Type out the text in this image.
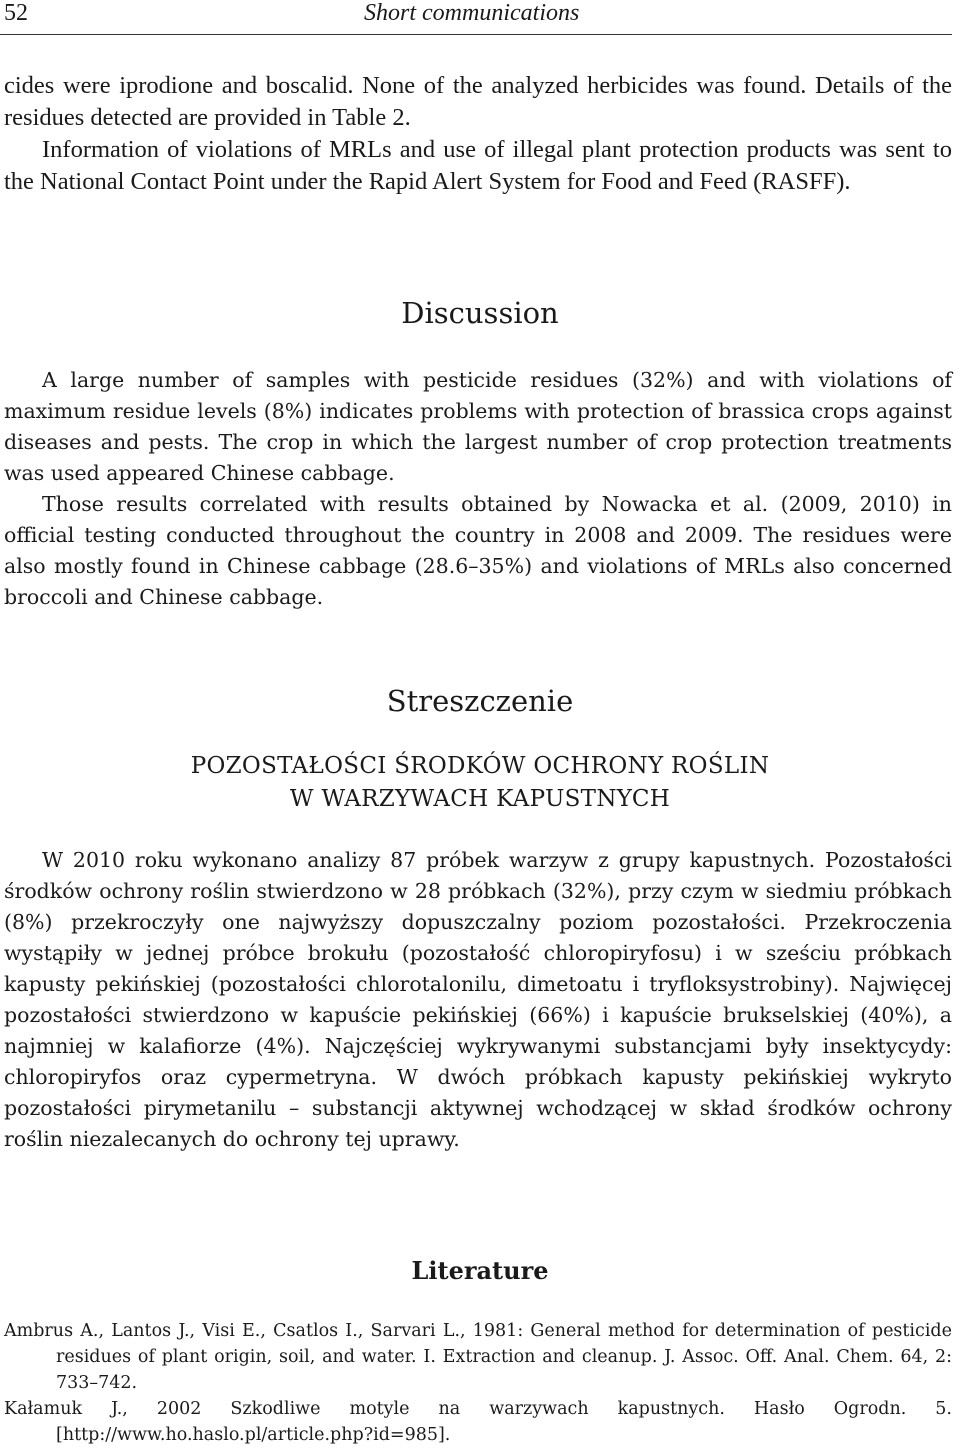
52	Short communications

cides were iprodione and boscalid. None of the analyzed herbicides was found. Details of the residues detected are provided in Table 2.

Information of violations of MRLs and use of illegal plant protection products was sent to the National Contact Point under the Rapid Alert System for Food and Feed (RASFF).

Discussion

A large number of samples with pesticide residues (32%) and with violations of maximum residue levels (8%) indicates problems with protection of brassica crops against diseases and pests. The crop in which the largest number of crop protection treatments was used appeared Chinese cabbage.

Those results correlated with results obtained by Nowacka et al. (2009, 2010) in official testing conducted throughout the country in 2008 and 2009. The residues were also mostly found in Chinese cabbage (28.6–35%) and violations of MRLs also concerned broccoli and Chinese cabbage.

Streszczenie
POZOSTAŁOŚCI ŚRODKÓW OCHRONY ROŚLIN
W WARZYWACH KAPUSTNYCH

W 2010 roku wykonano analizy 87 próbek warzyw z grupy kapustnych. Pozostałości środków ochrony roślin stwierdzono w 28 próbkach (32%), przy czym w siedmiu próbkach (8%) przekroczyły one najwyższy dopuszczalny poziom pozostałości. Przekroczenia wystąpiły w jednej próbce brokułu (pozostałość chloropiryfosu) i w sześciu próbkach kapusty pekińskiej (pozostałości chlorotalonilu, dimetoatu i tryfloksystrobiny). Najwięcej pozostałości stwierdzono w kapuście pekińskiej (66%) i kapuście brukselskiej (40%), a najmniej w kalafiorze (4%). Najczęściej wykrywanymi substancjami były insektycydy: chloropiryfos oraz cypermetryna. W dwóch próbkach kapusty pekińskiej wykryto pozostałości pirymetanilu – substancji aktywnej wchodzącej w skład środków ochrony roślin niezalecanych do ochrony tej uprawy.

Literature

Ambrus A., Lantos J., Visi E., Csatlos I., Sarvari L., 1981: General method for determination of pesticide residues of plant origin, soil, and water. I. Extraction and cleanup. J. Assoc. Off. Anal. Chem. 64, 2: 733–742.

Kałamuk J., 2002 Szkodliwe motyle na warzywach kapustnych. Hasło Ogrodn. 5. [http://www.ho.haslo.pl/article.php?id=985].
